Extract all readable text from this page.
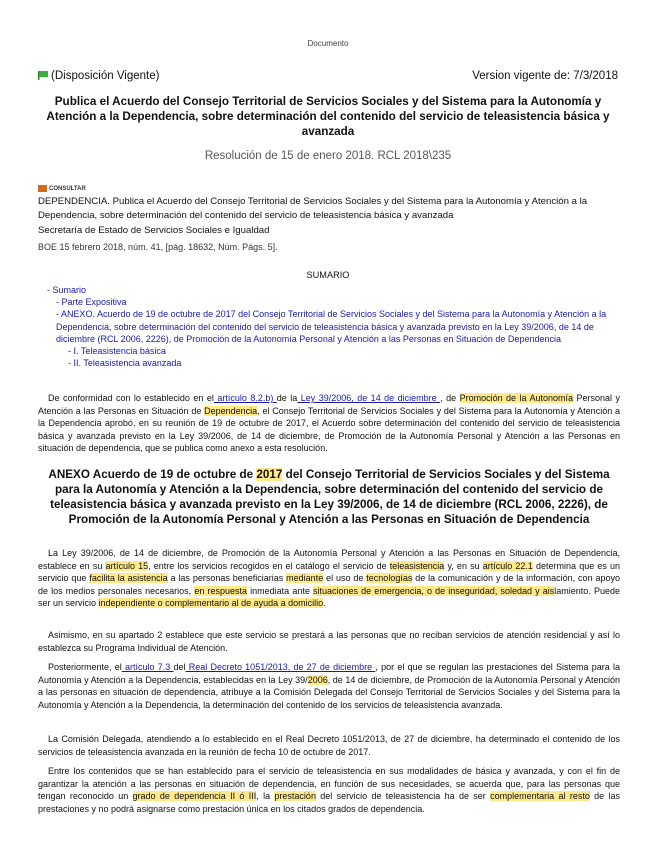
Documento
(Disposición Vigente)	Version vigente de: 7/3/2018
Publica el Acuerdo del Consejo Territorial de Servicios Sociales y del Sistema para la Autonomía y Atención a la Dependencia, sobre determinación del contenido del servicio de teleasistencia básica y avanzada
Resolución de 15 de enero 2018. RCL 2018\235
CONSULTAR
DEPENDENCIA. Publica el Acuerdo del Consejo Territorial de Servicios Sociales y del Sistema para la Autonomía y Atención a la Dependencia, sobre determinación del contenido del servicio de teleasistencia básica y avanzada
Secretaría de Estado de Servicios Sociales e Igualdad
BOE 15 febrero 2018, núm. 41, [pág. 18632, Núm. Págs. 5].
SUMARIO
- Sumario
- Parte Expositiva
- ANEXO. Acuerdo de 19 de octubre de 2017 del Consejo Territorial de Servicios Sociales y del Sistema para la Autonomía y Atención a la Dependencia, sobre determinación del contenido del servicio de teleasistencia básica y avanzada previsto en la Ley 39/2006, de 14 de diciembre (RCL 2006, 2226), de Promoción de la Autonomía Personal y Atención a las Personas en Situación de Dependencia
- I. Teleasistencia básica
- II. Teleasistencia avanzada
De conformidad con lo establecido en el artículo 8.2.b) de la Ley 39/2006, de 14 de diciembre , de Promoción de la Autonomía Personal y Atención a las Personas en Situación de Dependencia, el Consejo Territorial de Servicios Sociales y del Sistema para la Autonomía y Atención a la Dependencia aprobó, en su reunión de 19 de octubre de 2017, el Acuerdo sobre determinación del contenido del servicio de teleasistencia básica y avanzada previsto en la Ley 39/2006, de 14 de diciembre, de Promoción de la Autonomía Personal y Atención a las Personas en situación de dependencia, que se publica como anexo a esta resolución.
ANEXO Acuerdo de 19 de octubre de 2017 del Consejo Territorial de Servicios Sociales y del Sistema para la Autonomía y Atención a la Dependencia, sobre determinación del contenido del servicio de teleasistencia básica y avanzada previsto en la Ley 39/2006, de 14 de diciembre (RCL 2006, 2226), de Promoción de la Autonomía Personal y Atención a las Personas en Situación de Dependencia
La Ley 39/2006, de 14 de diciembre, de Promoción de la Autonomía Personal y Atención a las Personas en Situación de Dependencia, establece en su artículo 15, entre los servicios recogidos en el catálogo el servicio de teleasistencia y, en su artículo 22.1 determina que es un servicio que facilita la asistencia a las personas beneficiarias mediante el uso de tecnologías de la comunicación y de la información, con apoyo de los medios personales necesarios, en respuesta inmediata ante situaciones de emergencia, o de inseguridad, soledad y aislamiento. Puede ser un servicio independiente o complementario al de ayuda a domicilio.
Asimismo, en su apartado 2 establece que este servicio se prestará a las personas que no reciban servicios de atención residencial y así lo establezca su Programa Individual de Atención.
Posteriormente, el artículo 7.3 del Real Decreto 1051/2013, de 27 de diciembre , por el que se regulan las prestaciones del Sistema para la Autonomía y Atención a la Dependencia, establecidas en la Ley 39/2006, de 14 de diciembre, de Promoción de la Autonomía Personal y Atención a las personas en situación de dependencia, atribuye a la Comisión Delegada del Consejo Territorial de Servicios Sociales y del Sistema para la Autonomía y Atención a la Dependencia, la determinación del contenido de los servicios de teleasistencia avanzada.
La Comisión Delegada, atendiendo a lo establecido en el Real Decreto 1051/2013, de 27 de diciembre, ha determinado el contenido de los servicios de teleasistencia avanzada en la reunión de fecha 10 de octubre de 2017.
Entre los contenidos que se han establecido para el servicio de teleasistencia en sus modalidades de básica y avanzada, y con el fin de garantizar la atención a las personas en situación de dependencia, en función de sus necesidades, se acuerda que, para las personas que tengan reconocido un grado de dependencia II ó III, la prestación del servicio de teleasistencia ha de ser complementaria al resto de las prestaciones y no podrá asignarse como prestación única en los citados grados de dependencia.
